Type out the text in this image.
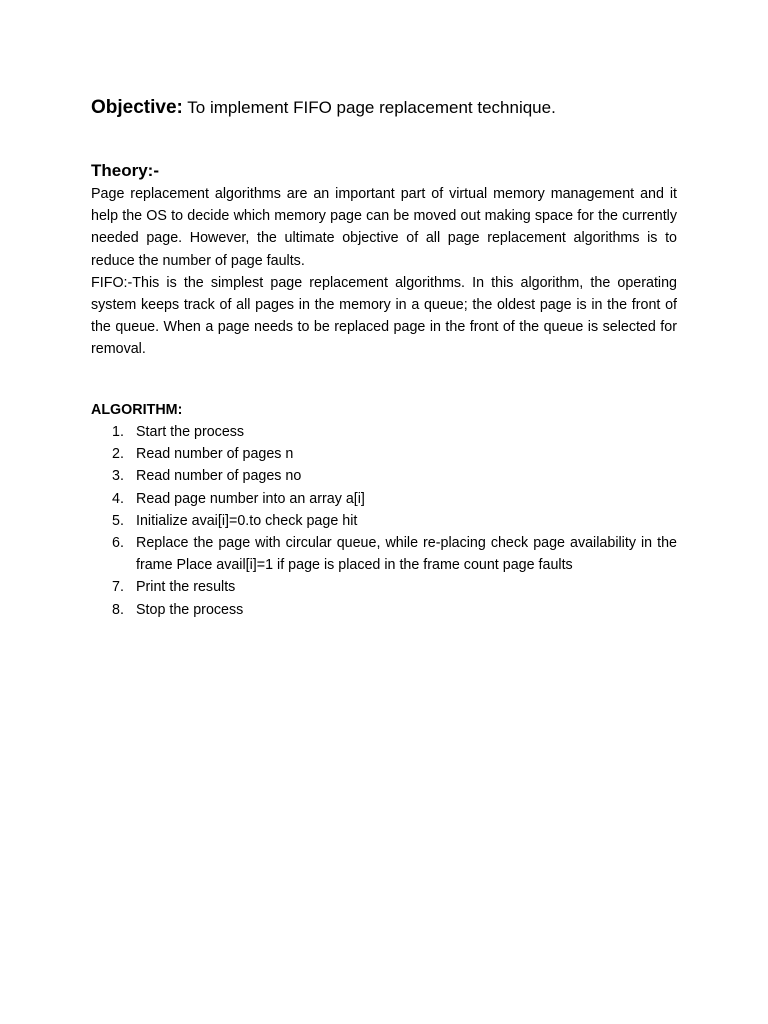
Objective: To implement FIFO page replacement technique.
Theory:-

Page replacement algorithms are an important part of virtual memory management and it help the OS to decide which memory page can be moved out making space for the currently needed page. However, the ultimate objective of all page replacement algorithms is to reduce the number of page faults.

FIFO:-This is the simplest page replacement algorithms. In this algorithm, the operating system keeps track of all pages in the memory in a queue; the oldest page is in the front of the queue. When a page needs to be replaced page in the front of the queue is selected for removal.

ALGORITHM:
1. Start the process
2. Read number of pages n
3. Read number of pages no
4. Read page number into an array a[i]
5. Initialize avai[i]=0.to check page hit
6. Replace the page with circular queue, while re-placing check page availability in the frame Place avail[i]=1 if page is placed in the frame count page faults
7. Print the results
8. Stop the process
